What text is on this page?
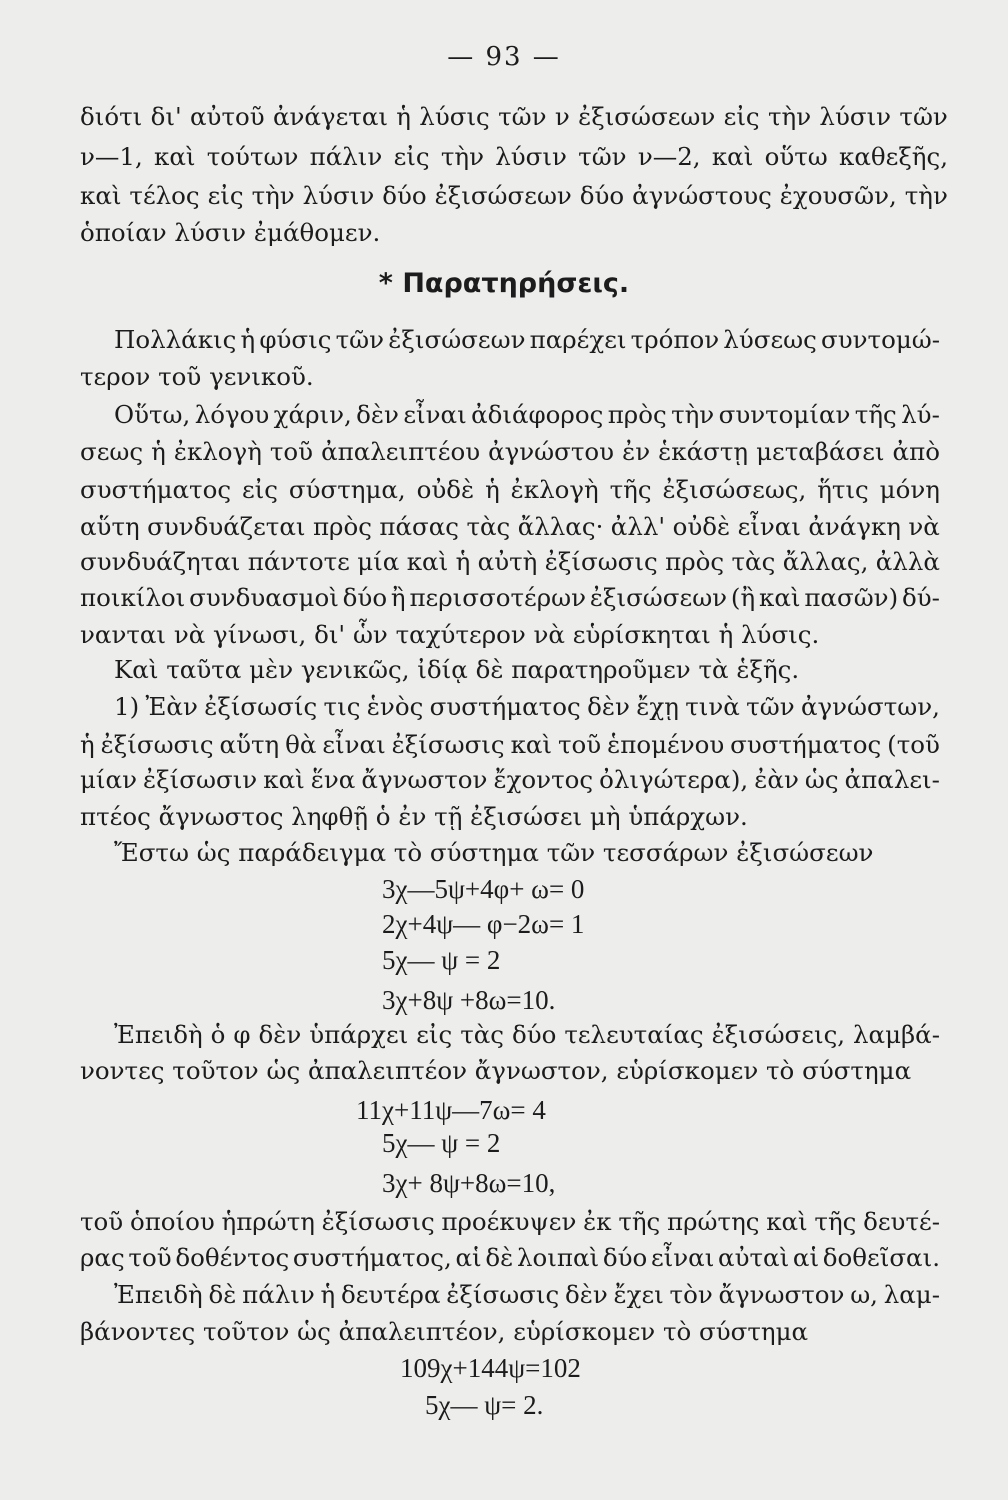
— 93 —
διότι δι' αὐτοῦ ἀνάγεται ἡ λύσις τῶν ν ἐξισώσεων εἰς τὴν λύσιν τῶν
ν—1, καὶ τούτων πάλιν εἰς τὴν λύσιν τῶν ν—2, καὶ οὕτω καθεξῆς,
καὶ τέλος εἰς τὴν λύσιν δύο ἐξισώσεων δύο ἀγνώστους ἐχουσῶν, τὴν
ὁποίαν λύσιν ἐμάθομεν.
* Παρατηρήσεις.
Πολλάκις ἡ φύσις τῶν ἐξισώσεων παρέχει τρόπον λύσεως συντομώ-
τερον τοῦ γενικοῦ.
Οὕτω, λόγου χάριν, δὲν εἶναι ἀδιάφορος πρὸς τὴν συντομίαν τῆς λύ-
σεως ἡ ἐκλογὴ τοῦ ἀπαλειπτέου ἀγνώστου ἐν ἑκάστῃ μεταβάσει ἀπὸ
συστήματος εἰς σύστημα, οὐδὲ ἡ ἐκλογὴ τῆς ἐξισώσεως, ἥτις μόνη
αὕτη συνδυάζεται πρὸς πάσας τὰς ἄλλας· ἀλλ' οὐδὲ εἶναι ἀνάγκη νὰ
συνδυάζηται πάντοτε μία καὶ ἡ αὐτὴ ἐξίσωσις πρὸς τὰς ἄλλας, ἀλλὰ
ποικίλοι συνδυασμοὶ δύο ἢ περισσοτέρων ἐξισώσεων (ἢ καὶ πασῶν) δύ-
νανται νὰ γίνωσι, δι' ὧν ταχύτερον νὰ εὑρίσκηται ἡ λύσις.
Καὶ ταῦτα μὲν γενικῶς, ἰδίᾳ δὲ παρατηροῦμεν τὰ ἑξῆς.
1) Ἐὰν ἐξίσωσίς τις ἑνὸς συστήματος δὲν ἔχῃ τινὰ τῶν ἀγνώστων,
ἡ ἐξίσωσις αὕτη θὰ εἶναι ἐξίσωσις καὶ τοῦ ἑπομένου συστήματος (τοῦ
μίαν ἐξίσωσιν καὶ ἕνα ἄγνωστον ἔχοντος ὀλιγώτερα), ἐὰν ὡς ἀπαλει-
πτέος ἄγνωστος ληφθῇ ὁ ἐν τῇ ἐξισώσει μὴ ὑπάρχων.
Ἔστω ὡς παράδειγμα τὸ σύστημα τῶν τεσσάρων ἐξισώσεων
3χ—5ψ+4φ+ ω= 0
2χ+4ψ— φ−2ω= 1
5χ— ψ = 2
3χ+8ψ +8ω=10.
Ἐπειδὴ ὁ φ δὲν ὑπάρχει εἰς τὰς δύο τελευταίας ἐξισώσεις, λαμβά-
νοντες τοῦτον ὡς ἀπαλειπτέον ἄγνωστον, εὑρίσκομεν τὸ σύστημα
11χ+11ψ—7ω= 4
5χ— ψ = 2
3χ+ 8ψ+8ω=10,
τοῦ ὁποίου ἡπρώτη ἐξίσωσις προέκυψεν ἐκ τῆς πρώτης καὶ τῆς δευτέ-
ρας τοῦ δοθέντος συστήματος, αἱ δὲ λοιπαὶ δύο εἶναι αὐταὶ αἱ δοθεῖσαι.
Ἐπειδὴ δὲ πάλιν ἡ δευτέρα ἐξίσωσις δὲν ἔχει τὸν ἄγνωστον ω, λαμ-
βάνοντες τοῦτον ὡς ἀπαλειπτέον, εὑρίσκομεν τὸ σύστημα
109χ+144ψ=102
5χ— ψ= 2.
